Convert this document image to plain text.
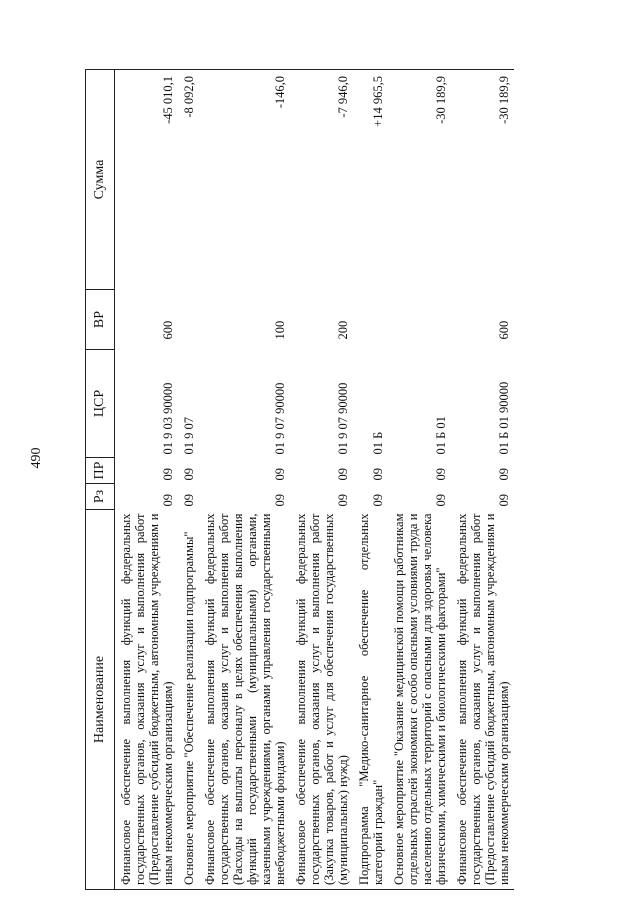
490
Наименование	Рз	ПР	ЦСР	ВР	Сумма
Финансовое обеспечение выполнения функций федеральных государственных органов, оказания услуг и выполнения работ (Предоставление субсидий бюджетным, автономным учреждениям и иным некоммерческим организациям)	09	09	01 9 03 90000	600	-45 010,1
Основное мероприятие "Обеспечение реализации подпрограммы"	09	09	01 9 07		-8 092,0
Финансовое обеспечение выполнения функций федеральных государственных органов, оказания услуг и выполнения работ (Расходы на выплаты персоналу в целях обеспечения выполнения функций государственными (муниципальными) органами, казенными учреждениями, органами управления государственными внебюджетными фондами)	09	09	01 9 07 90000	100	-146,0
Финансовое обеспечение выполнения функций федеральных государственных органов, оказания услуг и выполнения работ (Закупка товаров, работ и услуг для обеспечения государственных (муниципальных) нужд)	09	09	01 9 07 90000	200	-7 946,0
Подпрограмма "Медико-санитарное обеспечение отдельных категорий граждан"	09	09	01 Б		+14 965,5
Основное мероприятие "Оказание медицинской помощи работникам отдельных отраслей экономики с особо опасными условиями труда и населению отдельных территорий с опасными для здоровья человека физическими, химическими и биологическими факторами"	09	09	01 Б 01		-30 189,9
Финансовое обеспечение выполнения функций федеральных государственных органов, оказания услуг и выполнения работ (Предоставление субсидий бюджетным, автономным учреждениям и иным некоммерческим организациям)	09	09	01 Б 01 90000	600	-30 189,9
